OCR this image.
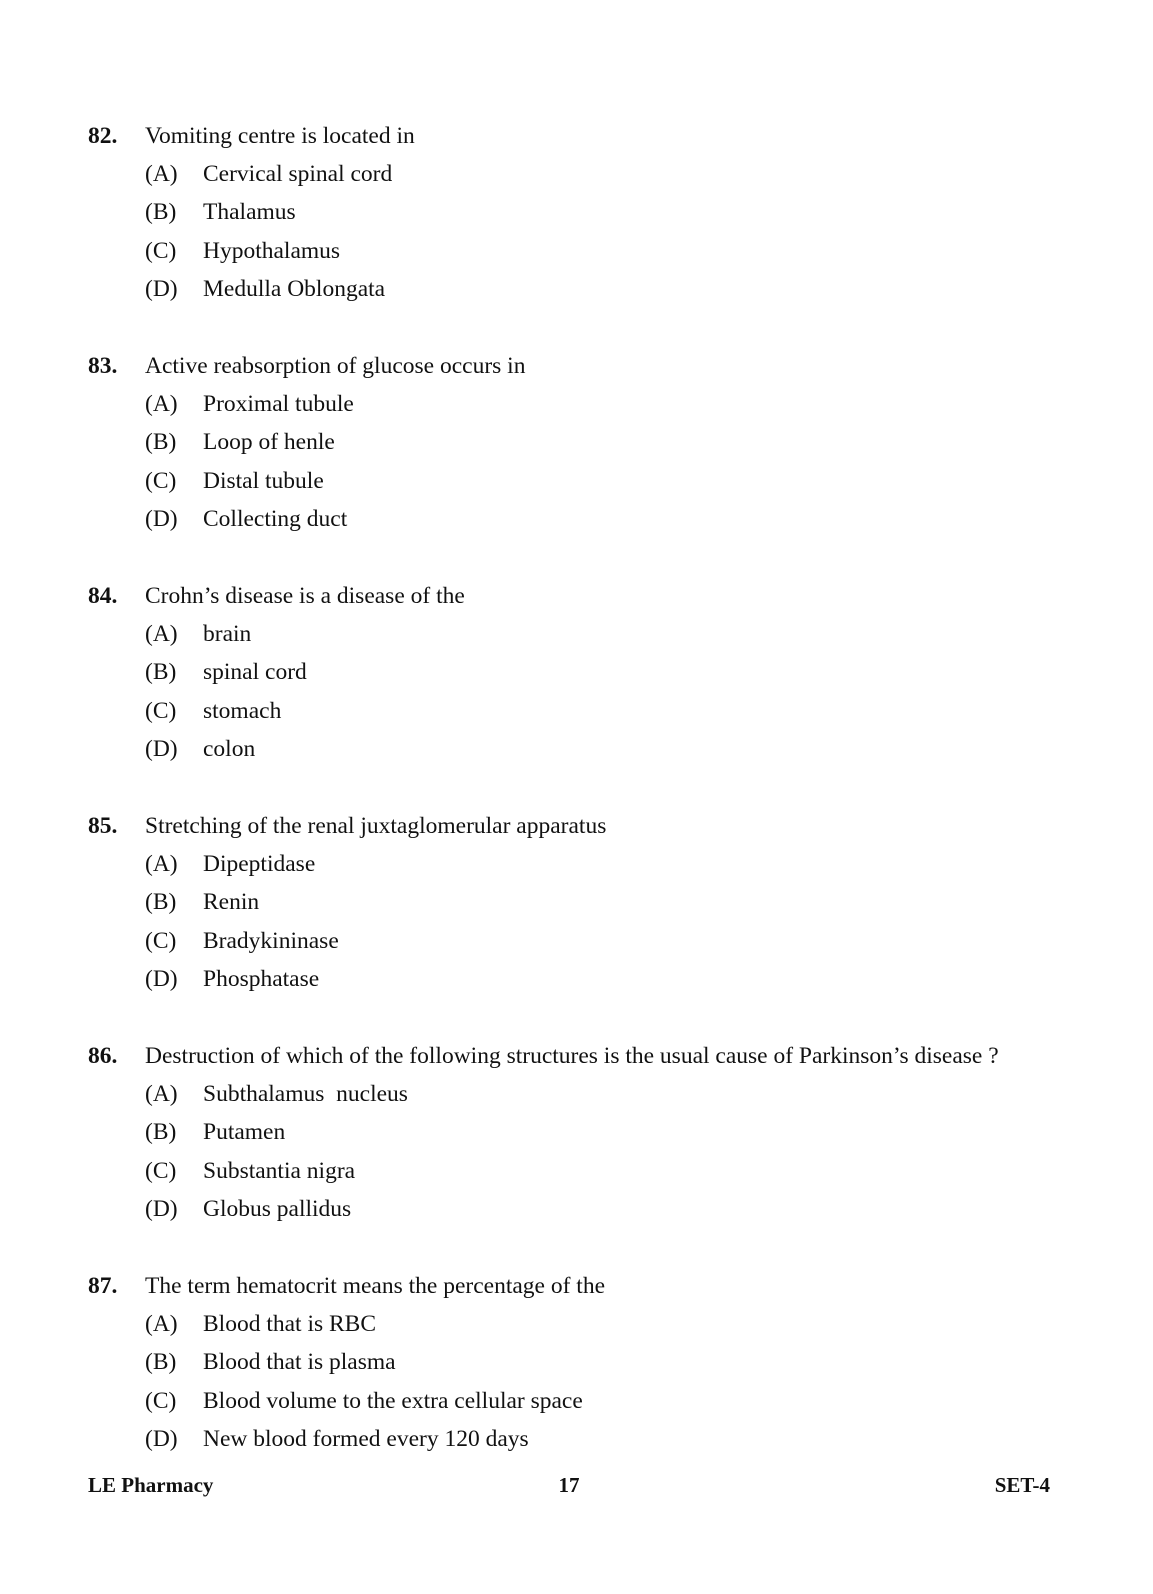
82.	Vomiting centre is located in
(A)	Cervical spinal cord
(B)	Thalamus
(C)	Hypothalamus
(D)	Medulla Oblongata
83.	Active reabsorption of glucose occurs in
(A)	Proximal tubule
(B)	Loop of henle
(C)	Distal tubule
(D)	Collecting duct
84.	Crohn’s disease is a disease of the
(A)	brain
(B)	spinal cord
(C)	stomach
(D)	colon
85.	Stretching of the renal juxtaglomerular apparatus
(A)	Dipeptidase
(B)	Renin
(C)	Bradykininase
(D)	Phosphatase
86.	Destruction of which of the following structures is the usual cause of Parkinson’s disease ?
(A)	Subthalamus  nucleus
(B)	Putamen
(C)	Substantia nigra
(D)	Globus pallidus
87.	The term hematocrit means the percentage of the
(A)	Blood that is RBC
(B)	Blood that is plasma
(C)	Blood volume to the extra cellular space
(D)	New blood formed every 120 days
LE Pharmacy	17	SET-4
